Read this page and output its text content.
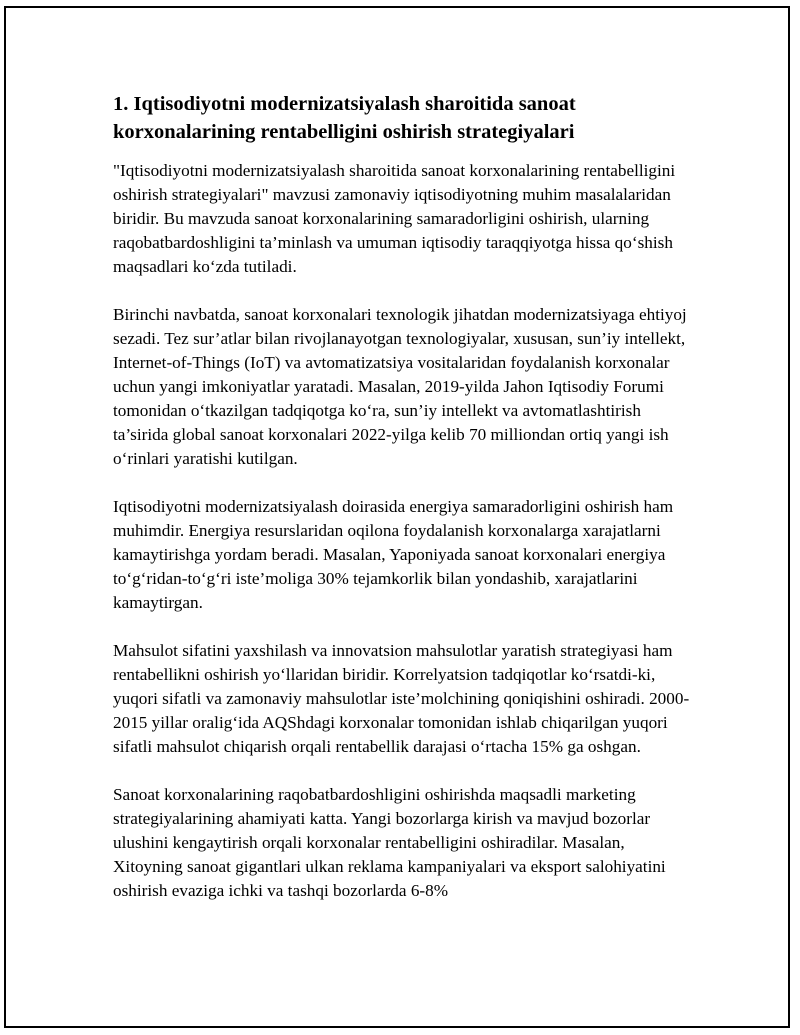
1. Iqtisodiyotni modernizatsiyalash sharoitida sanoat korxonalarining rentabelligini oshirish strategiyalari

"Iqtisodiyotni modernizatsiyalash sharoitida sanoat korxonalarining rentabelligini oshirish strategiyalari" mavzusi zamonaviy iqtisodiyotning muhim masalalaridan biridir. Bu mavzuda sanoat korxonalarining samaradorligini oshirish, ularning raqobatbardoshligini ta’minlash va umuman iqtisodiy taraqqiyotga hissa qo‘shish maqsadlari ko‘zda tutiladi.

Birinchi navbatda, sanoat korxonalari texnologik jihatdan modernizatsiyaga ehtiyoj sezadi. Tez sur’atlar bilan rivojlanayotgan texnologiyalar, xususan, sun’iy intellekt, Internet-of-Things (IoT) va avtomatizatsiya vositalaridan foydalanish korxonalar uchun yangi imkoniyatlar yaratadi. Masalan, 2019-yilda Jahon Iqtisodiy Forumi tomonidan o‘tkazilgan tadqiqotga ko‘ra, sun’iy intellekt va avtomatlashtirish ta’sirida global sanoat korxonalari 2022-yilga kelib 70 milliondan ortiq yangi ish o‘rinlari yaratishi kutilgan.

Iqtisodiyotni modernizatsiyalash doirasida energiya samaradorligini oshirish ham muhimdir. Energiya resurslaridan oqilona foydalanish korxonalarga xarajatlarni kamaytirishga yordam beradi. Masalan, Yaponiyada sanoat korxonalari energiya to‘g‘ridan-to‘g‘ri iste’moliga 30% tejamkorlik bilan yondashib, xarajatlarini kamaytirgan.

Mahsulot sifatini yaxshilash va innovatsion mahsulotlar yaratish strategiyasi ham rentabellikni oshirish yo‘llaridan biridir. Korrelyatsion tadqiqotlar ko‘rsatdi-ki, yuqori sifatli va zamonaviy mahsulotlar iste’molchining qoniqishini oshiradi. 2000-2015 yillar oralig‘ida AQShdagi korxonalar tomonidan ishlab chiqarilgan yuqori sifatli mahsulot chiqarish orqali rentabellik darajasi o‘rtacha 15% ga oshgan.

Sanoat korxonalarining raqobatbardoshligini oshirishda maqsadli marketing strategiyalarining ahamiyati katta. Yangi bozorlarga kirish va mavjud bozorlar ulushini kengaytirish orqali korxonalar rentabelligini oshiradilar. Masalan, Xitoyning sanoat gigantlari ulkan reklama kampaniyalari va eksport salohiyatini oshirish evaziga ichki va tashqi bozorlarda 6-8%
